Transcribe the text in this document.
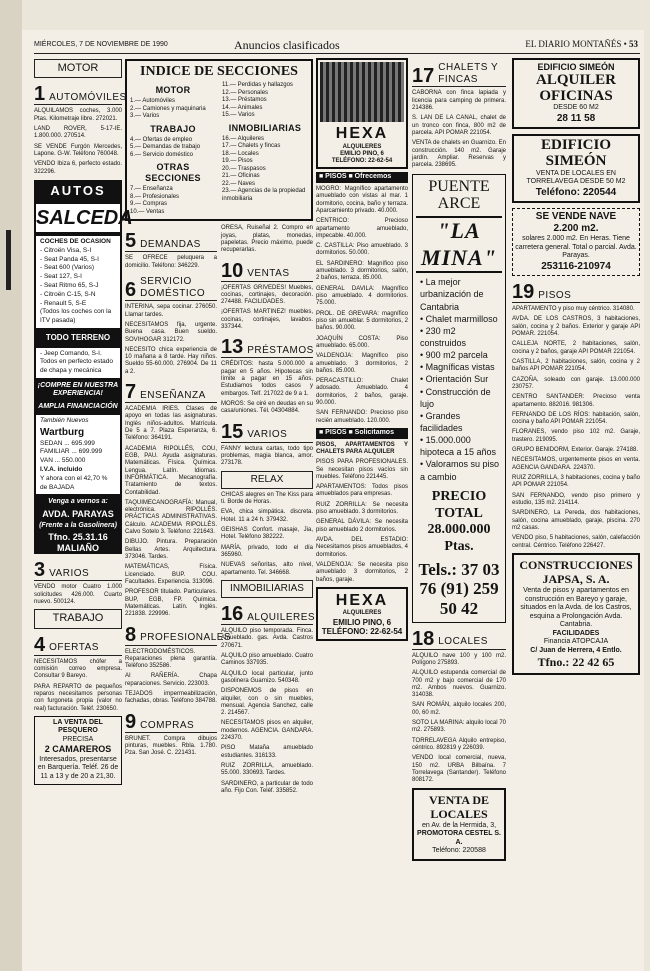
MIÉRCOLES, 7 DE NOVIEMBRE DE 1990	Anuncios clasificados	EL DIARIO MONTAÑÉS • 53
MOTOR
1 AUTOMÓVILES

ALQUILAMOS coches, 3.000 Ptas. Kilometraje libre. 272021.

LAND ROVER, 5-17-IE. 1.800.000. 270514.

SE VENDE Furgón Mercedes, Lapone. G-W. Teléfono 760048.

VENDO Ibiza 6, perfecto estado. 322296.

AUTOS
SALCEDA
COCHES DE OCASION
- Citroën Visa, S-I
- Seat Panda 45, S-I
- Seat 600 (Varios)
- Seat 127, S-I
- Seat Ritmo 65, S-J
- Citroën C-15, S-N
- Renault 5, S-E
(Todos los coches con la ITV pasada)
TODO TERRENO
- Jeep Comando, S-I. Todos en perfecto estado de chapa y mecánica
¡COMPRE EN NUESTRA EXPERIENCIA!
AMPLIA FINANCIACIÓN
También Nuevos
Wartburg
SEDAN ... 695.999
FAMILIAR ... 699.999
VAN ... 550.000
I.V.A. incluido
Y ahora con el 42,70 % de BAJADA
Venga a vernos a:
AVDA. PARAYAS
(Frente a la Gasolinera)
Tfno. 25.31.16
MALIAÑO
3 VARIOS

VENDO motor Cuatro 1.000 solicitudes 426.000. Cuarto nuevo. 500124.

TRABAJO
4 OFERTAS

NECESITAMOS chófer a comisión correo empresa. Consultar 9 Bareyo.

PARA REPARTO de pequeños reparos necesitamos personas con furgoneta propia (valor no real) facturación. Teléf. 230650.

LA VENTA DEL PESQUERO
PRECISA
2 CAMAREROS
Interesados, presentarse en Barquería. Teléf. 26 de 11 a 13 y de 20 a 21,30.
INDICE DE SECCIONES
MOTOR

1.— Automóviles

2.— Camiones y maquinaria

3.— Varios

TRABAJO

4.— Ofertas de empleo

5.— Demandas de trabajo

6.— Servicio doméstico

OTRAS SECCIONES

7.— Enseñanza

8.— Profesionales

9.— Compras

10.— Ventas

11.— Perdidas y hallazgos

12.— Personales

13.— Préstamos

14.— Animales

15.— Varios

INMOBILIARIAS

16.— Alquileres

17.— Chalets y fincas

18.— Locales

19.— Pisos

20.— Traspasos

21.— Oficinas

22.— Naves

23.— Agencias de la propiedad inmobiliaria

5 DEMANDAS

SE OFRECE peluquera a domicilio. Teléfono: 346229.

6 SERVICIO DOMÉSTICO

INTERINA, sepa cocinar. 276050. Llamar tardes.

NECESITAMOS fija, urgente. Buena casa. Buen sueldo. SOVIHOGAR 312172.

NECESITO chica experiencia de 10 mañana a 8 tarde. Hay niños. Sueldo 55-60.000. 276904. De 11 a 2.

7 ENSEÑANZA

ACADEMIA IRIES. Clases de apoyo en todas las asignaturas. Inglés niños-adultos. Matrícula. De 5 a 7. Plaza Esperanza, 6. Teléfono: 364191.

ACADEMIA RIPOLLÉS, COU, EGB, PAU. Ayuda asignaturas. Matemáticas. Física. Química. Lengua. Latín. Idiomas. INFORMÁTICA. Mecanografía. Tratamiento de textos. Contabilidad.

TAQUIMECANOGRAFÍA: Manual, electrónica. RIPOLLÉS. PRÁCTICAS ADMINISTRATIVAS. Cálculo. ACADEMIA RIPOLLÉS. Calvo Sotelo 3. Teléfono: 221643.

DIBUJO. Pintura. Preparación Bellas Artes. Arquitectura. 373046. Tardes.

MATEMÁTICAS, Física. Licenciado. BUP. COU. Facultades. Experiencia. 313096.

PROFESOR titulado. Particulares. BUP, EGB, FP. Química. Matemáticas. Latín. Inglés. 221838. 229996.

8 PROFESIONALES

ELECTRODOMÉSTICOS. Reparaciones plena garantía. Teléfono 352586.

AI RAÑERÍA. Chapa reparaciones. Servicio. 223003.

TEJADOS impermeabilización, fachadas, obras. Teléfono 384788.

9 COMPRAS

BRUNET. Compra dibujos pinturas, muebles. Rbla. 1.780. Pza. San José. C. 221431.

ORESA, Ruiseñal 2. Compro en joyas, platas, monedas, papeletas. Precio máximo, puede recuperarlas.

10 VENTAS

¡OFERTAS GRIVEDES! Muebles, cocinas, cortinajes, decoración. 274488. FACILIDADES.

¡OFERTAS MARTINEZ! muebles, cocinas, cortinajes, lavabos. 337344.

13 PRÉSTAMOS

CRÉDITOS: hasta 5.000.000 a pagar en 5 años. Hipotecas sin límite a pagar en 15 años. Estudiamos todos casos y embargos. Telf. 217022 de 9 a 1.

MOROS: Se oiré en deudas en su casa/uniones. Tél. 04304884.

15 VARIOS

FANNY lectura cartas, todo tipo problemas, magia blanca, amor. 273178.

RELAX

CHICAS alegres en The Kiss para ti. Borde de Horas.

EVA, chica simpática. discreta. Hotel. 11 a 24 h. 379432.

GEISHAS Confort. masaje, Jia, Hotel. Teléfono 382222.

MARÍA, privado, todo el día 365960.

NUEVAS señoritas, alto nivel, apartamento. Tel. 346668.

INMOBILIARIAS
16 ALQUILERES

ALQUILO piso temporada. Finca. Amueblado. gas. Avda. Castros 270671.

ALQUILO piso amueblado. Cuatro Caminos 337935.

ALQUILO local particular, junto gasolinera Guarnizo. 540348.

DISPONEMOS de pisos en alquiler, con o sin muebles, mensual. Agencia Sanchez, calle 2. 214567.

NECESITAMOS pisos en alquiler, modernos. AGENCIA. GANDARA. 224370.

PISO Mataña amueblado estudiantes. 316133.

RUIZ ZORRILLA, amueblado. 55.000. 330693. Tardes.

SARDINERO, a particular de todo año. Fijo Con. Teléf. 335852.

HEXA
ALQUILERES
EMILIO PINO, 6
TELÉFONO: 22-62-54
■ PISOS ■ Ofrecemos

MOGRO: Magnífico apartamento amueblado con vistas al mar. 1 dormitorio, cocina, baño y terraza. Aparcamiento privado. 40.000.

CENTRICO: Precioso apartamento amueblado, impecable. 40.000.

C. CASTILLA: Piso amueblado. 3 dormitorios. 50.000.

EL SARDINERO: Magnífico piso amueblado. 3 dormitorios, salón, 2 baños, terraza. 85.000.

GENERAL DAVILA: Magnífico piso amueblado. 4 dormitorios. 75.000.

PROL. DE GREVARA: magnífico piso sin amueblar. 5 dormitorios, 2 baños. 90.000.

JOAQUÍN COSTA: Piso amueblado. 65.000.

VALDENOJA: Magnífico piso amueblado. 3 dormitorios, 2 baños. 85.000.

PERACASTILLO: Chalet adosado. Amueblado. 4 dormitorios, 2 baños, garaje. 90.000.

SAN FERNANDO: Precioso piso recién amueblado. 120.000.

■ PISOS ■ Solicitamos

PISOS, APARTAMENTOS Y CHALETS PARA ALQUILER

PISOS PARA PROFESIONALES. Se necesitan pisos vacíos sin muebles. Teléfono 221445.

APARTAMENTOS: Todos pisos amueblados para empresas.

RUIZ ZORRILLA: Se necesita piso amueblado. 3 dormitorios.

GENERAL DÁVILA: Se necesita piso amueblado 2 dormitorios.

AVDA. DEL ESTADIO: Necesitamos pisos amueblados, 4 dormitorios.

VALDENOJA: Se necesita piso amueblado 3 dormitorios, 2 baños, garaje.

HEXA
ALQUILERES
EMILIO PINO, 6
TELÉFONO: 22-62-54
17 CHALETS Y FINCAS

CABORNA con finca lapiada y licencia para camping de primera. 214386.

S. LAN DE LA CANAL, chalet de un tronco con finca, 800 m2 de parcela. API POMAR 221054.

VENTA de chalets en Guarnizo. En construcción. 140 m2. Garaje jardín. Ampliar. Reservas y parcela. 238695.

PUENTE ARCE
"LA MINA"
• La mejor urbanización de Cantabria
• Chalet marmilloso
• 230 m2 construidos
• 900 m2 parcela
• Magníficas vistas
• Orientación Sur
• Construcción de lujo
• Grandes facilidades
• 15.000.000 hipoteca a 15 años
• Valoramos su piso a cambio
PRECIO TOTAL 28.000.000 Ptas.
Tels.: 37 03 76 (91) 259 50 42
18 LOCALES

ALQUILO nave 100 y 100 m2. Polígono 275893.

ALQUILO estupenda comercial de 700 m2 y bajo comercial de 170 m2. Ambos nuevos. Guarnizo. 314038.

SAN ROMÁN, alquilo locales 200, 00, 60 m2.

SOTO LA MARINA: alquilo local 70 m2. 275893.

TORRELAVEGA Alquilo entrepiso, céntrico. 892819 y 226039.

VENDO local comercial, nueva, 150 m2. URBA Bilbaína. 7 Torrelavega (Santander). Teléfono 808172.

VENTA DE LOCALES
en Av. de la Hermida, 3,
PROMOTORA CESTEL S. A.
Teléfono: 220588
EDIFICIO SIMEÓN
ALQUILER OFICINAS
DESDE 60 M2
28 11 58
EDIFICIO SIMEÓN
VENTA DE LOCALES EN TORRELAVEGA DESDE 50 M2
Teléfono: 220544
SE VENDE NAVE
2.200 m2.
solares 2.000 m2. En Heras. Tiene carretera general. Total o parcial. Avda. Parayas.
253116-210974
19 PISOS

APARTAMENTO y piso muy céntrico. 314080.

AVDA. DE LOS CASTROS, 3 habitaciones, salón, cocina y 2 baños. Exterior y garaje API POMAR. 221054.

CALLEJA NORTE, 2 habitaciones, salón, cocina y 2 baños, garaje API POMAR 221054.

CASTILLA, 2 habitaciones, salón, cocina y 2 baños API POMAR 221054.

CAZOÑA, soleado con garaje. 13.000.000 230757.

CENTRO SANTANDER: Precioso venta apartamento. 882016. 981306.

FERNANDO DE LOS RÍOS: habitación, salón, cocina y baño API POMAR 221054.

FLORANES, vendo piso 102 m2. Garaje, trastero. 219095.

GRUPO BENIDORM, Exterior. Garaje. 274188.

NECESITAMOS, urgentemente pisos en venta. AGENCIA GANDARA. 224370.

RUIZ ZORRILLA, 3 habitaciones, cocina y baño API POMAR 221054.

SAN FERNANDO, vendo piso primero y estudio, 135 m2. 214114.

SARDINERO, La Pereda, dos habitaciones, salón, cocina amueblado, garaje, piscina. 270 m2 casas.

VENDO piso, 5 habitaciones, salón, calefacción central. Céntrico. Teléfono 226427.

CONSTRUCCIONES
JAPSA, S. A.
Venta de pisos y apartamentos en construcción en Bareyo y garaje, situados en la Avda. de los Castros, esquina a Prolongación Avda. Cantabria.
FACILIDADES
Financia ATOPCAJA
C/ Juan de Herrera, 4 Entlo.
Tfno.: 22 42 65
